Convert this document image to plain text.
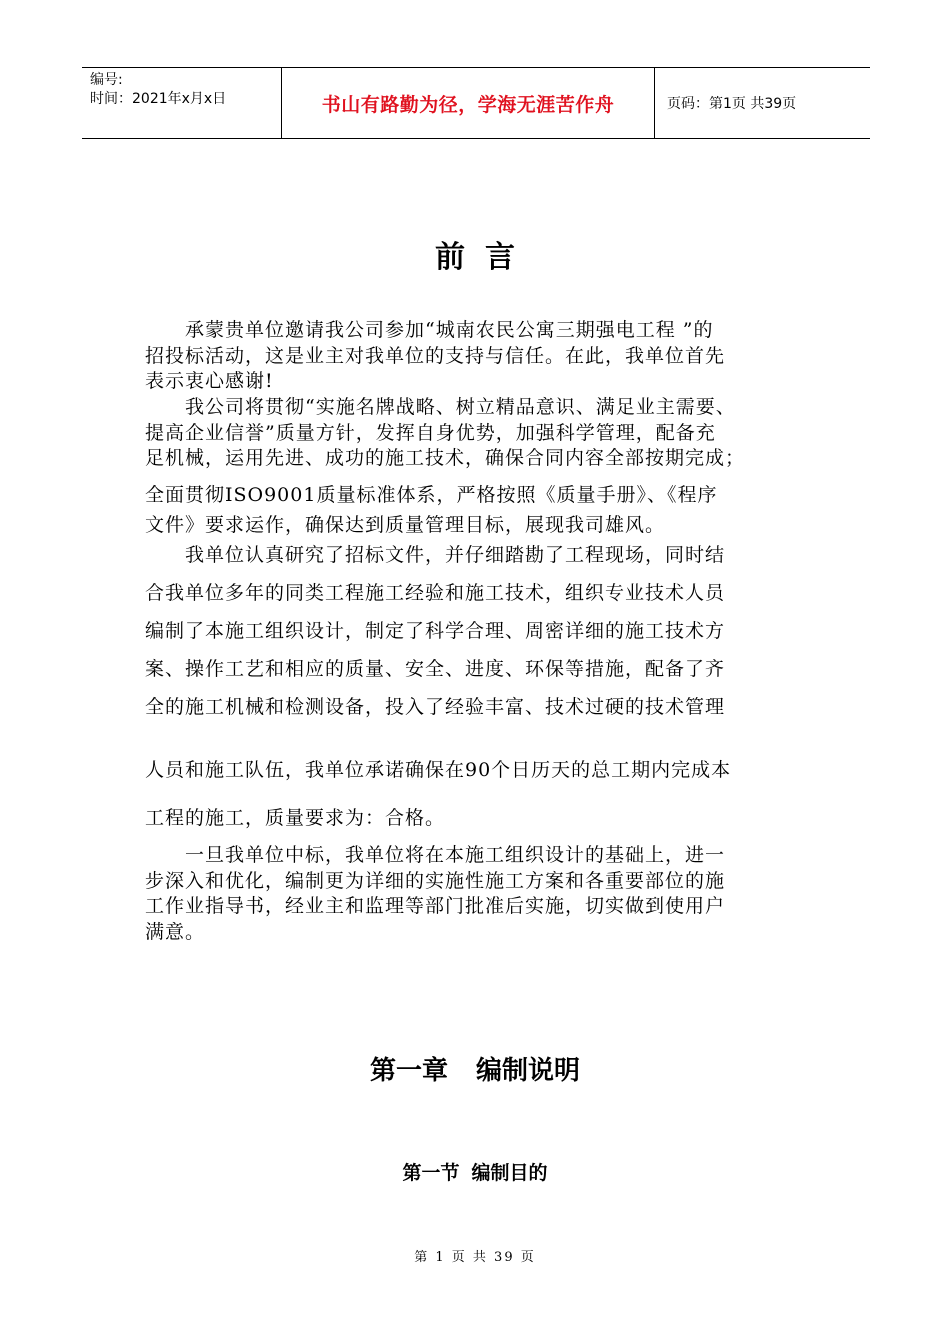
编号:
时间：2021年x月x日	书山有路勤为径，学海无涯苦作舟	页码：第1页 共39页
前言

　　承蒙贵单位邀请我公司参加“城南农民公寓三期强电工程 ”的

招投标活动，这是业主对我单位的支持与信任。在此，我单位首先

表示衷心感谢!

　　我公司将贯彻“实施名牌战略、树立精品意识、满足业主需要、

提高企业信誉”质量方针，发挥自身优势，加强科学管理，配备充

足机械，运用先进、成功的施工技术，确保合同内容全部按期完成；

全面贯彻ISO9001质量标准体系，严格按照《质量手册》、《程序

文件》要求运作，确保达到质量管理目标，展现我司雄风。

　　我单位认真研究了招标文件，并仔细踏勘了工程现场，同时结

合我单位多年的同类工程施工经验和施工技术，组织专业技术人员

编制了本施工组织设计，制定了科学合理、周密详细的施工技术方

案、操作工艺和相应的质量、安全、进度、环保等措施，配备了齐

全的施工机械和检测设备，投入了经验丰富、技术过硬的技术管理

人员和施工队伍，我单位承诺确保在90个日历天的总工期内完成本

工程的施工，质量要求为：合格。

　　一旦我单位中标，我单位将在本施工组织设计的基础上，进一

步深入和优化，编制更为详细的实施性施工方案和各重要部位的施

工作业指导书，经业主和监理等部门批准后实施，切实做到使用户

满意。

第一章 编制说明
第一节 编制目的
第 1 页 共 39 页
